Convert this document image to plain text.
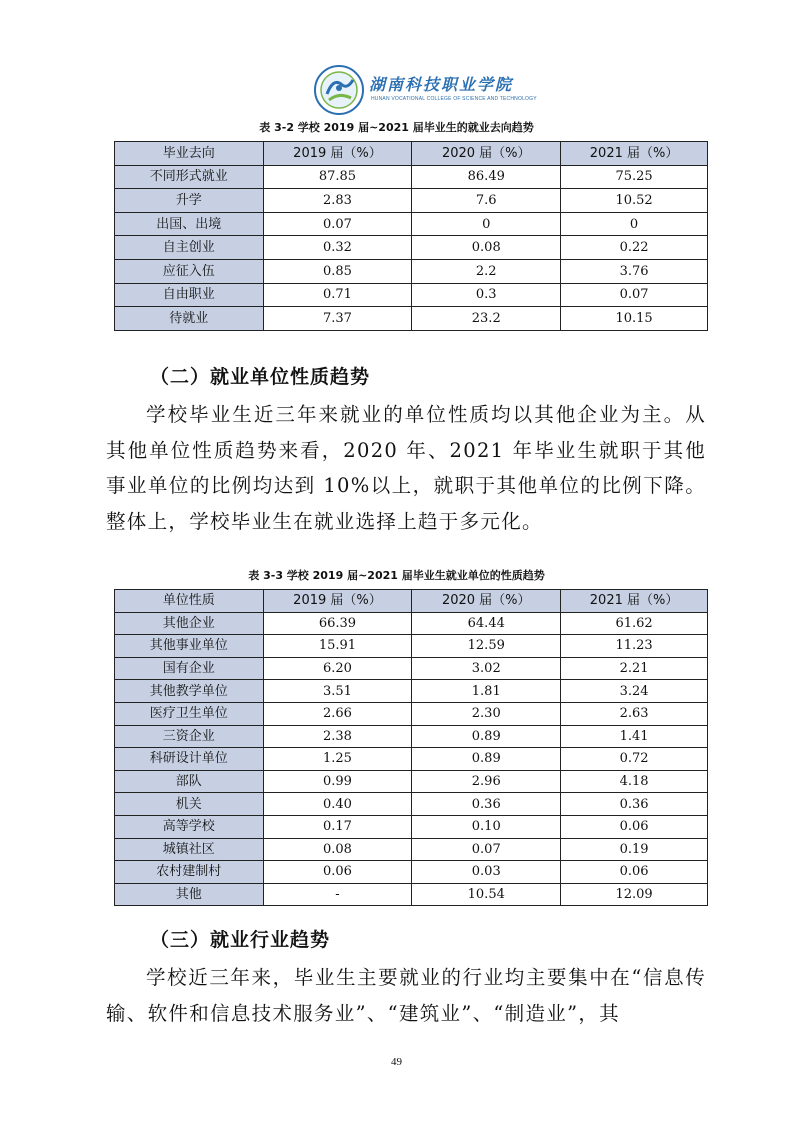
湖南科技职业学院
HUNAN VOCATIONAL COLLEGE OF SCIENCE AND TECHNOLOGY
表 3-2 学校 2019 届~2021 届毕业生的就业去向趋势
毕业去向	2019 届（%）	2020 届（%）	2021 届（%）
不同形式就业	87.85	86.49	75.25
升学	2.83	7.6	10.52
出国、出境	0.07	0	0
自主创业	0.32	0.08	0.22
应征入伍	0.85	2.2	3.76
自由职业	0.71	0.3	0.07
待就业	7.37	23.2	10.15
（二）就业单位性质趋势
学校毕业生近三年来就业的单位性质均以其他企业为主。从其他单位性质趋势来看，2020 年、2021 年毕业生就职于其他事业单位的比例均达到 10%以上，就职于其他单位的比例下降。整体上，学校毕业生在就业选择上趋于多元化。
表 3-3 学校 2019 届~2021 届毕业生就业单位的性质趋势
单位性质	2019 届（%）	2020 届（%）	2021 届（%）
其他企业	66.39	64.44	61.62
其他事业单位	15.91	12.59	11.23
国有企业	6.20	3.02	2.21
其他教学单位	3.51	1.81	3.24
医疗卫生单位	2.66	2.30	2.63
三资企业	2.38	0.89	1.41
科研设计单位	1.25	0.89	0.72
部队	0.99	2.96	4.18
机关	0.40	0.36	0.36
高等学校	0.17	0.10	0.06
城镇社区	0.08	0.07	0.19
农村建制村	0.06	0.03	0.06
其他	-	10.54	12.09
（三）就业行业趋势
学校近三年来，毕业生主要就业的行业均主要集中在“信息传输、软件和信息技术服务业”、“建筑业”、“制造业”，其
49
